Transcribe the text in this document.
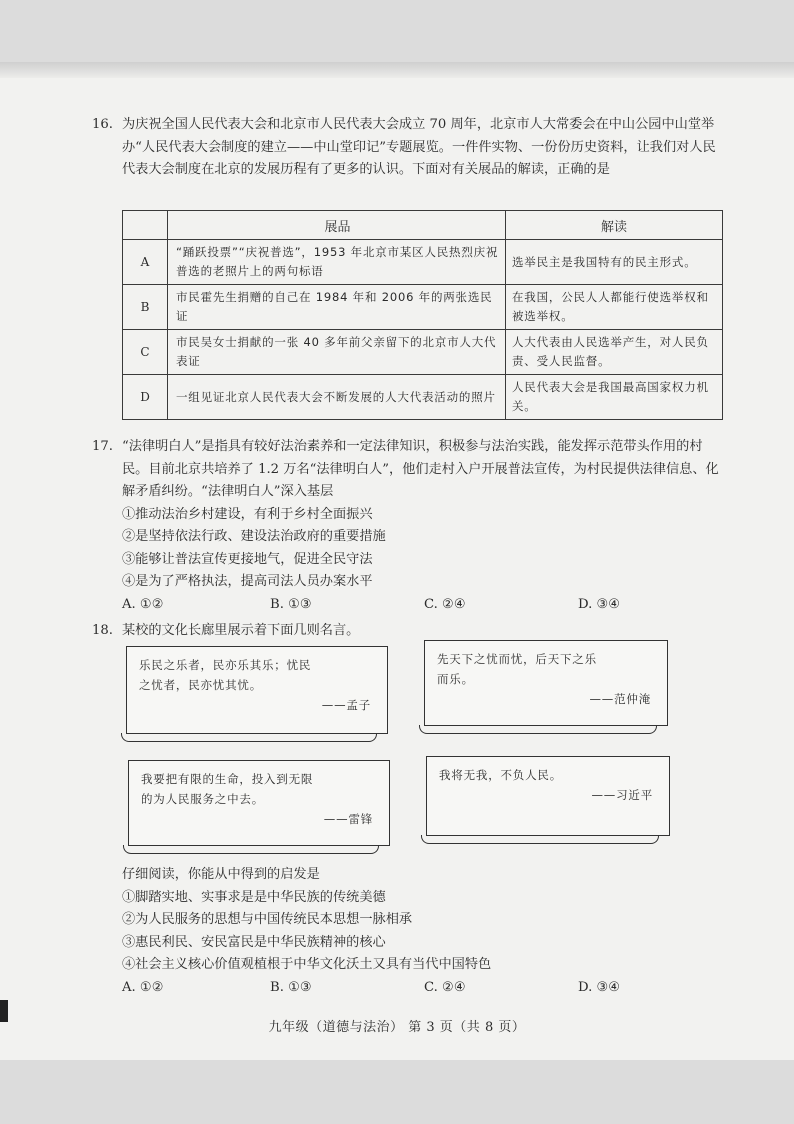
16. 为庆祝全国人民代表大会和北京市人民代表大会成立 70 周年，北京市人大常委会在中山公园中山堂举办“人民代表大会制度的建立——中山堂印记”专题展览。一件件实物、一份份历史资料，让我们对人民代表大会制度在北京的发展历程有了更多的认识。下面对有关展品的解读，正确的是
	展品	解读
A	“踊跃投票”“庆祝普选”，1953 年北京市某区人民热烈庆祝普选的老照片上的两句标语	选举民主是我国特有的民主形式。
B	市民霍先生捐赠的自己在 1984 年和 2006 年的两张选民证	在我国，公民人人都能行使选举权和被选举权。
C	市民吴女士捐献的一张 40 多年前父亲留下的北京市人大代表证	人大代表由人民选举产生，对人民负责、受人民监督。
D	一组见证北京人民代表大会不断发展的人大代表活动的照片	人民代表大会是我国最高国家权力机关。
17. “法律明白人”是指具有较好法治素养和一定法律知识，积极参与法治实践，能发挥示范带头作用的村民。目前北京共培养了 1.2 万名“法律明白人”，他们走村入户开展普法宣传，为村民提供法律信息、化解矛盾纠纷。“法律明白人”深入基层
①推动法治乡村建设，有利于乡村全面振兴
②是坚持依法行政、建设法治政府的重要措施
③能够让普法宣传更接地气，促进全民守法
④是为了严格执法，提高司法人员办案水平
A. ①②	B. ①③	C. ②④	D. ③④
18. 某校的文化长廊里展示着下面几则名言。
乐民之乐者，民亦乐其乐；忧民
之忧者，民亦忧其忧。
——孟子
先天下之忧而忧，后天下之乐
而乐。
——范仲淹
我要把有限的生命，投入到无限
的为人民服务之中去。
——雷锋
我将无我，不负人民。
——习近平
仔细阅读，你能从中得到的启发是
①脚踏实地、实事求是是中华民族的传统美德
②为人民服务的思想与中国传统民本思想一脉相承
③惠民利民、安民富民是中华民族精神的核心
④社会主义核心价值观植根于中华文化沃土又具有当代中国特色
A. ①②	B. ①③	C. ②④	D. ③④
九年级（道德与法治） 第 3 页（共 8 页）
